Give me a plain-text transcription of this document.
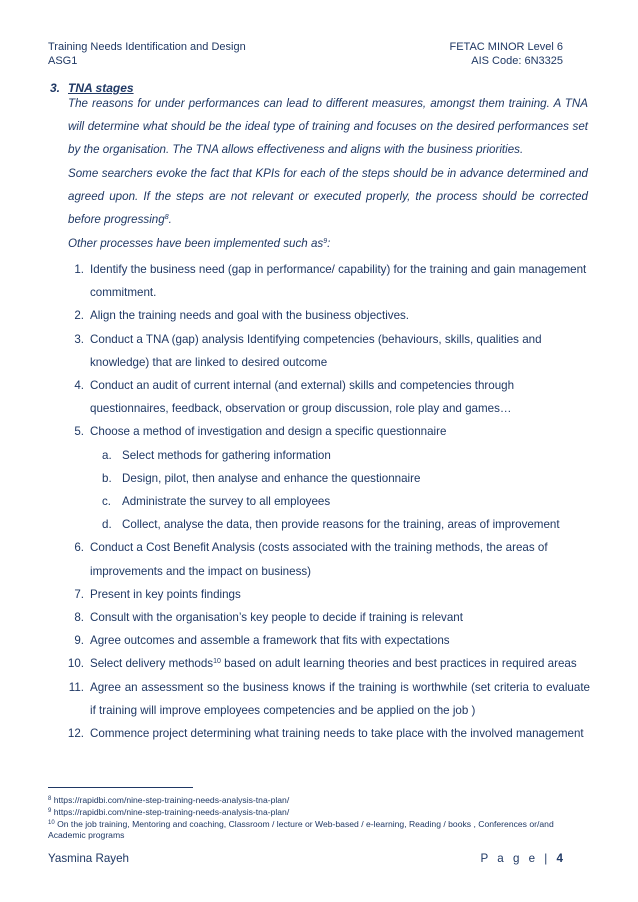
Training Needs Identification and Design
ASG1
FETAC MINOR Level 6
AIS Code: 6N3325
3. TNA stages
The reasons for under performances can lead to different measures, amongst them training. A TNA will determine what should be the ideal type of training and focuses on the desired performances set by the organisation. The TNA allows effectiveness and aligns with the business priorities.
Some searchers evoke the fact that KPIs for each of the steps should be in advance determined and agreed upon. If the steps are not relevant or executed properly, the process should be corrected before progressing$^8$.
Other processes have been implemented such $as^9$:
1. Identify the business need (gap in performance/ capability) for the training and gain management commitment.
2. Align the training needs and goal with the business objectives.
3. Conduct a TNA (gap) analysis Identifying competencies (behaviours, skills, qualities and knowledge) that are linked to desired outcome
4. Conduct an audit of current internal (and external) skills and competencies through questionnaires, feedback, observation or group discussion, role play and games…
5. Choose a method of investigation and design a specific questionnaire
a. Select methods for gathering information
b. Design, pilot, then analyse and enhance the questionnaire
c. Administrate the survey to all employees
d. Collect, analyse the data, then provide reasons for the training, areas of improvement
6. Conduct a Cost Benefit Analysis (costs associated with the training methods, the areas of improvements and the impact on business)
7. Present in key points findings
8. Consult with the organisation’s key people to decide if training is relevant
9. Agree outcomes and assemble a framework that fits with expectations
10. Select delivery methods$^{10}$ based on adult learning theories and best practices in required areas
11. Agree an assessment so the business knows if the training is worthwhile (set criteria to evaluate if training will improve employees competencies and be applied on the job )
12. Commence project determining what training needs to take place with the involved management
$^8$ https://rapidbi.com/nine-step-training-needs-analysis-tna-plan/
$^9$ https://rapidbi.com/nine-step-training-needs-analysis-tna-plan/
$^{10}$ On the job training, Mentoring and coaching, Classroom / lecture or Web-based / e-learning, Reading / books , Conferences or/and Academic programs
Yasmina Rayeh	P a g e | 4
